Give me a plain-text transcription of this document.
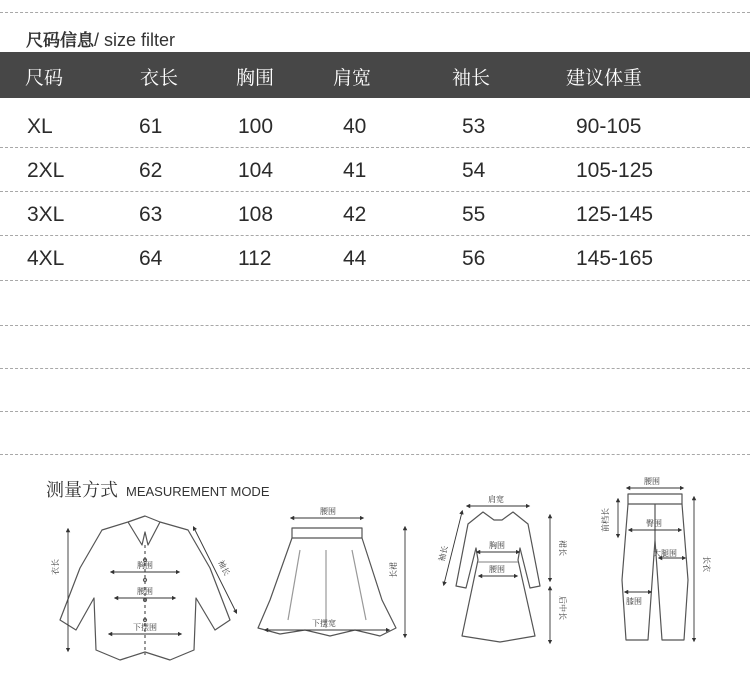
尺码信息/ size filter
尺码	衣长	胸围	肩宽	袖长	建议体重
XL	61	100	40	53	90-105
2XL	62	104	41	54	105-125
3XL	63	108	42	55	125-145
4XL	64	112	44	56	145-165
测量方式 MEASUREMENT MODE
衣长	胸围
腰围
下摆围
袖长
腰围
长裙
下摆宽
肩宽
袖长	胸围
腰围
裙长
后中长
腰围
前档长	臀围
大腿围
长衣
膝围
